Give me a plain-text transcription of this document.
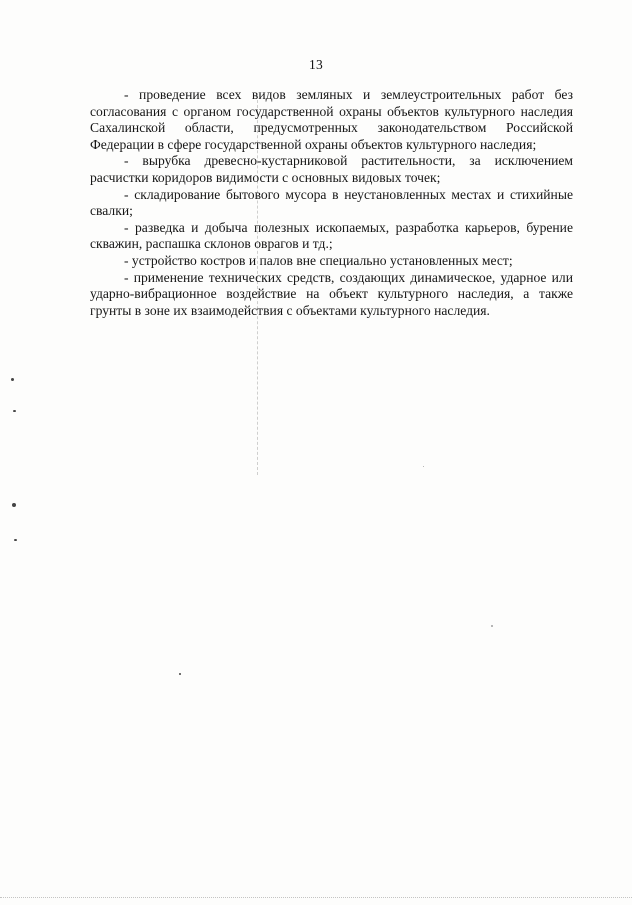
13

- проведение всех видов земляных и землеустроительных работ без согласования с органом государственной охраны объектов культурного наследия Сахалинской области, предусмотренных законодательством Российской Федерации в сфере государственной охраны объектов культурного наследия;

- вырубка древесно-кустарниковой растительности, за исключением расчистки коридоров видимости с основных видовых точек;

- складирование бытового мусора в неустановленных местах и стихийные свалки;

- разведка и добыча полезных ископаемых, разработка карьеров, бурение скважин, распашка склонов оврагов и тд.;

- устройство костров и палов вне специально установленных мест;

- применение технических средств, создающих динамическое, ударное или ударно-вибрационное воздействие на объект культурного наследия, а также грунты в зоне их взаимодействия с объектами культурного наследия.
